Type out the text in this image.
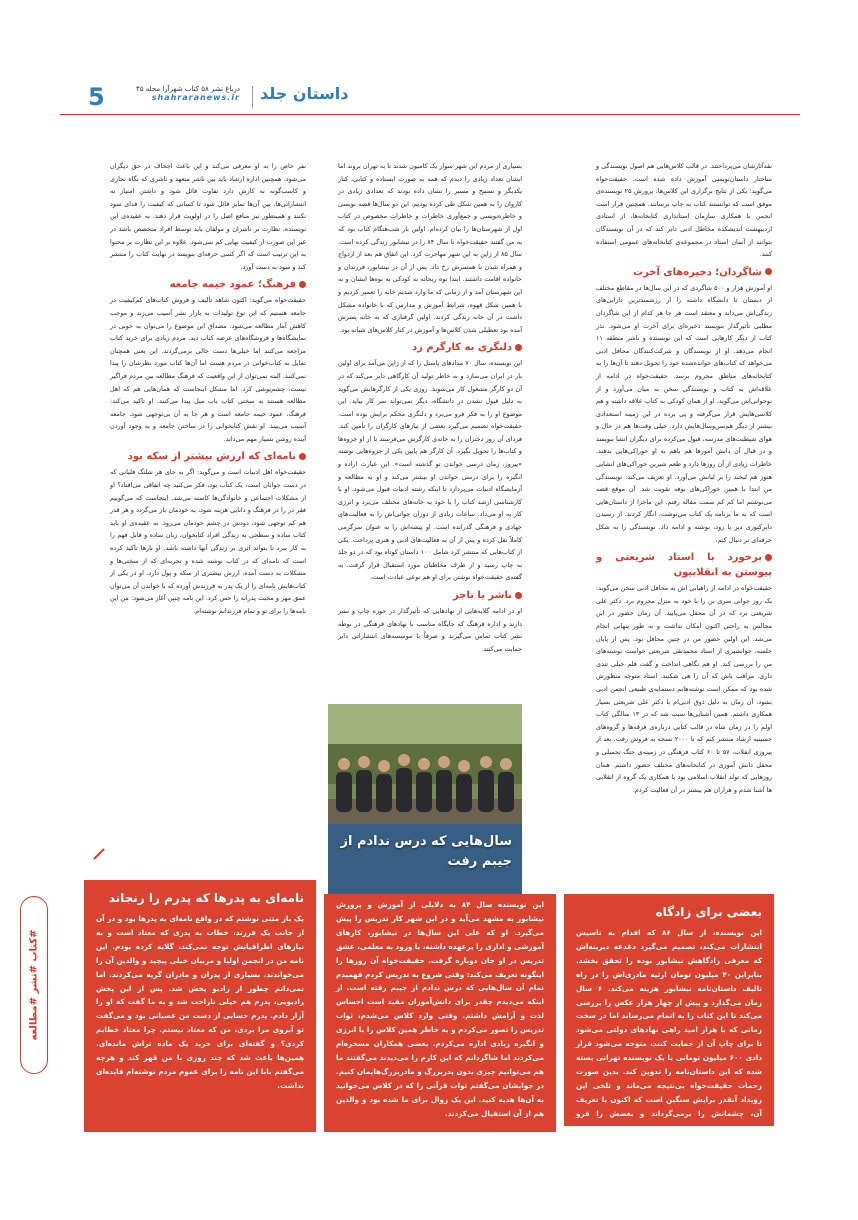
5	درباغ نشر ۵۸ کتاب شهرآرا محله ۴۵
shahraranews.ir داستان جلد

نقدآثارشان می‌پرداختند. در قالب کلاس‌هایی هم اصول نویسندگی و ساختار داستان‌نویسی آموزش داده شده است. حقیقت‌خواه می‌گوید: یکی از نتایج برگزاری این کلاس‌ها، پرورش ۲۵ نویسنده‌ی موفق است که توانستند کتاب به چاپ برسانند. همچنین قرار است انجمن با همکاری سازمان استانداری کتابخانه‌ها، از استادی اردیبهشت اندیشکده مخاطل ادبی دایر کند که در آن نویسندگان بتوانند از آسان استاد در مجموعه‌ی کتابخانه‌های عمومی استفاده کنند.

شاگردان؛ ذخیره‌های آخرت

او آموزش هزار و ۵۰۰ شاگردی که در این سال‌ها در مقاطع مختلف از دبستان تا دانشگاه داشته را از رزشمندترین دارایی‌های زندگی‌اش می‌داند و معتقد است هر جا هر کدام از این شاگردان مطلبی تأثیرگذار بنویسند ذخیره‌ای برای آخرت او می‌شود. نذر کتاب از دیگر کارهایی است که این نویسنده و ناشر منطقه ۱۱ انجام می‌دهد. او از نویسندگان و شرکت‌کنندگان محافل ادبی می‌خواهد که کتاب‌های خوانده‌شده خود را تحویل دهند تا آن‌ها را به کتابخانه‌های مناطق محروم برسد. حقیقت‌خواه در ادامه از علاقه‌اش به کتاب و نویسندگی سخن به میان می‌آورد و از نوجوانی‌اش می‌گوید. او از همان کودکی به کتاب علاقه داشته و هم کلاسی‌هایش قرار می‌گرفته و پی برده در این زمینه استعدادی بیشتر از دیگر هم‌سن‌وسال‌هایش دارد. خیلی وقت‌ها هم در حال و هوای شیطنت‌های مدرسه، قبول می‌کرده برای دیگران انشا بنویسد و در قبال آن دانش آموزها هم با‌هم به او خوراکی‌هایی بدهند. خاطرات زیادی از آن روزها دارد و طعم شیرین خوراکی‌های انشایی هنوز هم لبخند را بر لبانش می‌آورد. او تعریف می‌کند: نویسندگی من ابتدا با همین خوراکی‌های بوفه تقویت شد. آن موقع قصه می‌نوشتم اما کم کم سمت مقاله رفتم. این ماجرا از داستان‌هایی است که به ما برنامه یک کتاب می‌نوشت. انگار کردند. از رسیدن دایرکتوری دیر یا زود، نوشته و ادامه داد. نویسندگی را به شکل حرفه‌ای تر دنبال کنم.

برخورد با استاد شریعتی و پیوستن به انقلابیون

حقیقت‌خواه در ادامه از راهیابی اش به محافل ادبی سخن می‌گوید: یک روز جوانی سری بن را با خود به منزل محروم برد. دکتر علی شریعتی برد که در آن محفل می‌پایید. آن زمان حضور در این مجالس به راحتی اکنون امکان نداشت و به طور پنهانی انجام می‌شد. این اولین حضور من در چنین محافل بود. پس از پایان جلسه، جوانشیری از استاد محمدتقی شریعتی خواست نوشته‌های من را بررسی کند. او هم نگاهی انداخت و گفت قلم خیلی تندی داری. مراقب باش که آن را هی شکنند. استاد متوجه منظورش شده بود که ممکن است نوشته‌هایم دستمایه‌ی طبیعی انجمن ادبی بشود. آن زمان به دلیل ذوق ادبی‌ام با دکتر علی شریعتی بسیار همکاری داشتم. همین آشنایی‌ها سبب شد که در ۱۳ سالگی کتاب اولم را در زمان شاه در قالب کتابی درباره‌ی فرقه‌ها و گروه‌های حسینیه ارشاد منتشر کنم که تا ۲۰۰۰ نسخه به فروش رفت. بعد از پیروزی انقلاب، ۵۷ تا ۶۰ کتاب فرهنگی در زمینه‌ی جنگ تحمیلی و محفل دانش آموزی در کتابخانه‌های مختلف حضور داشتم. همان روزهایی که تولد انقلاب اسلامی بود با همکاری یک گروه از انقلابی ها آشنا شدم و هزاران هم بیشتر در آن فعالیت کردم.

بسیاری از مردم این شهر سوار یک کامیون شدند تا به تهران بروند اما ایشان تعداد زیادی را دیدم که همه به صورت ایستاده و کتابی، کنار یکدیگر و تسبیح و مسیر را نشان داده بودند که تعدادی زیادی در کاروان را به همین شکل طی کرده بودیم. این دو سال‌ها قصه نویسی و خاطره‌نویسی و جمع‌آوری خاطرات و خاطرات مخصوص در کتاب اول از شهرستان‌ها را بیان کرده‌ام. اولین بار شب‌هنگام کتاب بود که به من گفتند حقیقت‌خواه تا سال ۸۴ را در نیشابور زندگی کرده است. سال ۸۵ از ژاپن به این شهر مهاجرت کرد. این اتفاق هم بعد از ازدواج و همراه شدن با همسرش رخ داد. پس از آن در نیشابور، فرزندان و خانواده اقامت داشتند. ابتدا نوه ریحانه به کودکی به نوه‌ها ایشان و به این شهرستان آمد و از زمانی که ما وارد شدیم خانه را تعمیر کردیم و با همین شکل قهوه، شرایط آموزش و مدارس که با خانواده مشکل داشت در آن خانه زندگی کردند. اولین گرفتاری که به خانه پسرش آمده بود تعطیلی شدن کلاس‌ها و آموزش در کنار کلاس‌های شبانه بود.

دلنگری به کارگرم زد

این نویسنده، سال ۷۰ مدادهای پاستل را که از ژاپن می‌آمد برای اولین بار در ایران می‌سازد و به خاطر تولید آن کارگاهی دایر می‌کند که در آن دو کارگر مشغول کار می‌شوند. روزی یکی از کارگرهایش می‌گوید به دلیل قبول نشدن در دانشگاه، دیگر نمی‌تواند سر کار بیاید. این موضوع او را به فکر فرو می‌برد و دلنگری محکم برایش بوده است. حقیقت‌خواه تصمیم می‌گیرد بعضی از نیازهای کارگران را تأمین کند. فردای آن روز دختران را به خانه‌ی کارگرش می‌فرستد تا از او جزوه‌ها و کتاب‌ها را تحویل بگیرد. آن کارگر هم پایین یکی از جزوه‌هایی نوشته «پیروز، زمان درسی خواندن تو گذشته است». این عبارت اراده و انگیزه را برای درسی خواندن او بیشتر می‌کند و او به مطالعه و آزمایشگاه ادبیات می‌پردازد تا اینکه رشته ادبیات قبول می‌شود. او با کارشناسی ارشد کتاب را با خود به خانه‌های مختلف می‌برد و انرژی کار به او می‌داد. ساعات زیادی از دوران جوانی‌اش را به فعالیت‌های جهادی و فرهنگی گذرانده است. او پیشه‌اش را به عنوان سرگرمی کاملاً نقل کرده و پس از آن به فعالیت‌های ادبی و هنری پرداخت. یکی از کتاب‌هایی که منتشر کرد شامل ۱۰۰ داستان کوتاه بود که در دو جلد به چاپ رسید و از طرف مخاطبان مورد استقبال قرار گرفت. به گفته‌ی حقیقت‌خواه نوشتن برای او هم نوعی عبادت است.

ناشر یا تاجر

او در ادامه گلایه‌هایی از نهادهایی که تأثیرگذار در حوزه چاپ و نشر دارند و اداره فرهنگ که جایگاه مناسب با نهادهای فرهنگی در بوطه نشر کتاب تماس می‌گیرند و صرفاً با موسسه‌های انتشاراتی دایر حمایت می‌کنند.

نفر خاص را به او معرفی می‌کند و این باعث اجحاف در حق دیگران می‌شود. همچنین اداره ارشاد باید بین ناشر متعهد و ناشری که نگاه تجاری و کاسب‌گونه به کارش دارد تفاوت قائل شود و داشتن امتیاز به انتشاراتی‌ها، بین آن‌ها تمایز قائل شود تا کسانی که کیفیت را فدای سود نکنند و همینطور نیز منافع اصل را در اولویت قرار دهند. به عقیده‌ی این نویسنده، نظارت بر ناشران و مولفان باید توسط افراد متخصص باشد در غیر این صورت از کیفیت نهایی کم نمی‌شود. علاوه بر این نظارت بر محتوا به این ترتیب است که اگر کسی حرفه‌ای بنویسد در نهایت کتاب را منتشر کند و سود به دست آورد.

فرهنگ؛ عمود خیمه جامعه

حقیقت‌خواه می‌گوید: اکنون شاهد تألیف و فروش کتاب‌های کم‌کیفیت در جامعه هستیم که این نوع تولیدات به بازار نشر آسیب می‌زند و موجب کاهش آمار مطالعه می‌شود. مصداق این موضوع را می‌توان به خوبی در نمایشگاه‌ها و فروشگاه‌های عرضه کتاب دید. مردم زیادی برای خرید کتاب مراجعه می‌کنند اما خیلی‌ها دست خالی برمی‌گردند. این یعنی همچنان تمایل به کتاب‌خوانی در مردم هست اما آن‌ها کتاب مورد نظرشان را پیدا نمی‌کنند. البته نمی‌توان از این واقعیت که فرهنگ مطالعه بین مردم فراگیر نیست، چشم‌پوشی کرد. اما مشکل اینجاست که همان‌هایی هم که اهل مطالعه هستند به سختی کتاب باب میل پیدا می‌کنند. او تاکید می‌کند: فرهنگ، عمود خیمه جامعه است و هر جا به آن بی‌توجهی شود، جامعه آسیب می‌بیند. او نقش کتابخوانی را در ساختن جامعه و به وجود آوردن آینده روشن بسیار مهم می‌داند.

نامه‌ای که ارزش بیشتر از سکه بود

حقیقت‌خواه اهل ادبیات است و می‌گوید: اگر به جای هر شلنگ قلیانی که در دست جوانان است، یک کتاب بود، فکر می‌کنید چه اتفاقی می‌افتاد؟ او از مشکلات اجتماعی و خانوادگی‌ها کاسته می‌شد. اینجاست که می‌گوییم فقر در را در فرهنگ و دانایی هزینه شود، به خودمان باز می‌گردد و هر قدر هم کم توجهی شود، دودش در چشم خودمان می‌رود. به عقیده‌ی او باید کتاب ساده و سطحی به زندگی افراد کتابخوان، زبان ساده و قابل فهم را به کار ببرد تا بتواند اثری بر زندگی آنها داشته باشد. او بارها تأکید کرده است که نامه‌ای که در کتاب نوشته شده و تجربه‌ای که از سختی‌ها و مشکلات به دست آمده، ارزش بیشتری از سکه و پول دارد. او در یکی از کتاب‌هایش نامه‌ای را از یک پدر به فرزندش آورده که با خواندن آن می‌توان عمق مهر و محبت پدرانه را حس کرد. این نامه چنین آغاز می‌شود: من این نامه‌ها را برای تو و تمام فرزندانم نوشته‌ام.

سال‌هایی که درس ندادم از جیبم رفت
بعضی برای زادگاه

این نویسنده، از سال ۸۶ که اقدام به تاسیس انتشارات می‌کند، تصمیم می‌گیرد دغدغه دیرینه‌اش که معرفی زادگاهش نیشابور بوده را تحقق بخشد. بنابراین ۴۰ میلیون تومان ارثیه مادری‌اش را در راه تالیف داستان‌نامه نیشابور هزینه می‌کند. ۶ سال زمان می‌گذارد و پیش از چهار هزار عکس را بررسی می‌کند تا این کتاب را به اتمام می‌رساند اما در سخت زمانی که با هزار امید راهی نهادهای دولتی می‌شود تا برای چاپ آن از حمایت کنند، متوجه می‌شود قرار دادی ۶۰۰ میلیون تومانی با یک نویسنده تهرانی بسته شده که این داستان‌نامه را تدوین کند. بدین صورت زحمات حقیقت‌خواه بی‌نتیجه می‌ماند و تلخی این رویداد آنقدر برایش سنگین است که اکنون با تعریف آن، چشمانش را برمی‌گرداند و بغضش را فرو می‌خورد.

این نویسنده سال ۸۴ به دلایلی از آموزش و پرورش نیشابور به مشهد می‌آید و در این شهر کار تدریس را پیش می‌گیرد. او که علی این سال‌ها در نیشابور، کارهای آموزشی و اداری را برعهده داشته، با ورود به معلمی، عشق تدریس در او جان دوباره گرفت. حقیقت‌خواه آن روزها را اینگونه تعریف می‌کند: وقتی شروع به تدریس کردم فهمیدم تمام آن سال‌هایی که درس ندادم از جیبم رفته است. از اینکه می‌دیدم چقدر برای دانش‌آموزان مفید است احساس لذت و آرامش داشتم. وقتی وارد کلاس می‌شدم، ثواب تدریس را تصور می‌کردم و به خاطر همین کلاس را با انرژی و انگیزه زیادی اداره می‌کردم. بعضی همکاران مسخره‌ام می‌کردند اما شاگردانم که این کارم را می‌دیدند می‌گفتند ما هم می‌توانیم چیزی بدون پدربزرگ و مادربزرگ‌هایمان کنیم. در جوابشان می‌گفتم ثواب قرآنی را که در کلاس می‌خوانید به آن‌ها هدیه کنید. این یک روال برای ما شده بود و والدین هم از آن استقبال می‌کردند.

نامه‌ای به پدرها که پدرم را رنجاند

یک بار متنی نوشتم که در واقع نامه‌ای به پدرها بود و در آن از جانب یک فرزند، خطاب به پدری که معتاد است و به نیازهای اطرافیانش توجه نمی‌کند، گلایه کرده بودم. این نامه من در انجمن اولیا و مربیان خیلی پیچید و والدین آن را می‌خواندند. بسیاری از پدران و مادران گریه می‌کردند. اما نمی‌دانم چطور از راديو پخش شد. پس از این پخش رادیویی، پدرم هم خیلی ناراحت شد و به ما گفت که او را آزار دادم. پدرم حسابی از دست من عصبانی بود و می‌گفت تو آبروی مرا بردی، من که معتاد نیستم. چرا معتاد خطابم کردی؟ و گفته‌ای برای خرید یک ماده تراش مانده‌ای. همین‌ها باعث شد که چند روزی با من قهر کند و هرچه می‌گفتم بابا این نامه را برای عموم مردم نوشته‌ام فایده‌ای نداشت.

#کتاب #نشر #مطالعه
